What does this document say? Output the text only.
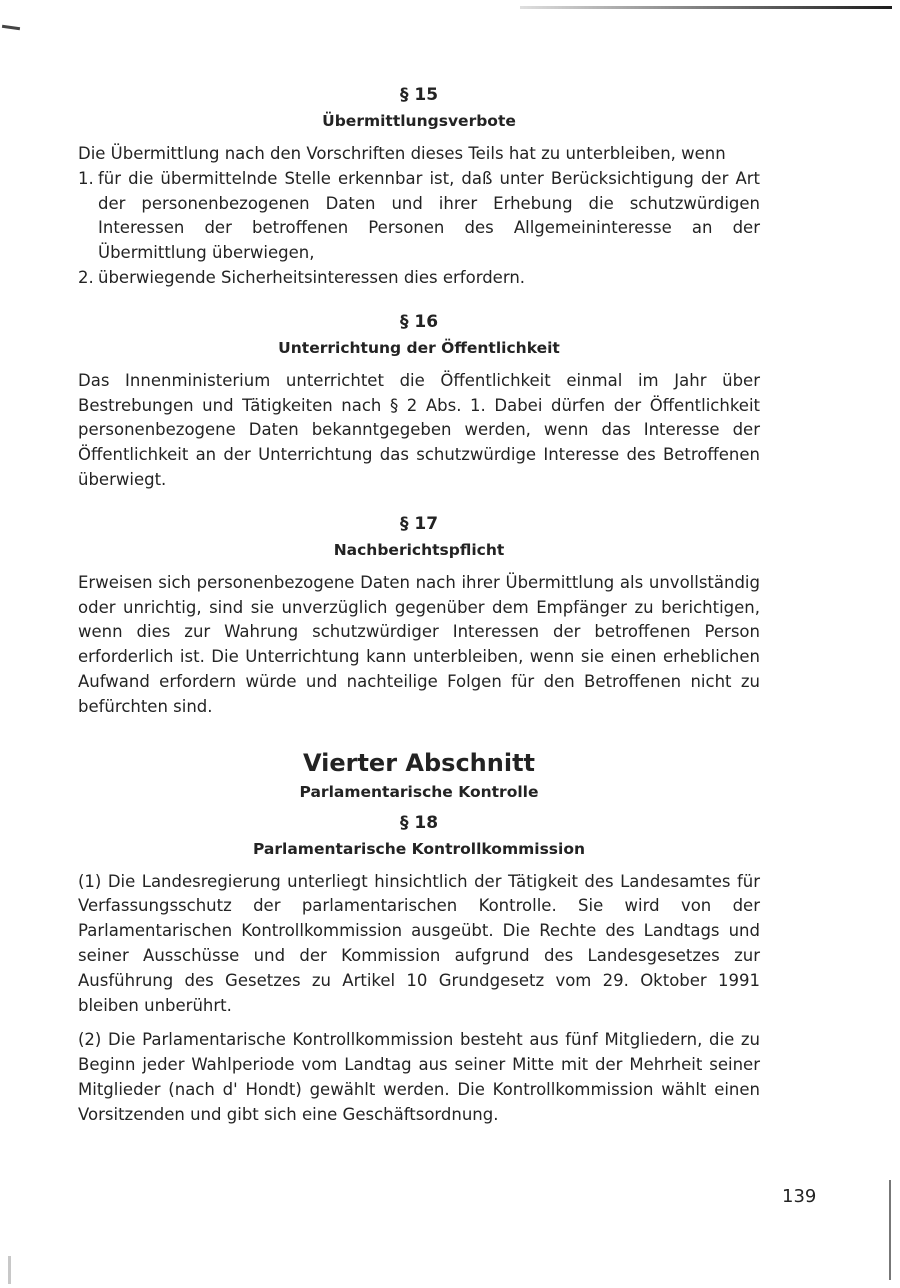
§ 15
Übermittlungsverbote

Die Übermittlung nach den Vorschriften dieses Teils hat zu unterbleiben, wenn

1. für die übermittelnde Stelle erkennbar ist, daß unter Berücksichtigung der Art der personenbezogenen Daten und ihrer Erhebung die schutzwürdigen Interessen der betroffenen Personen des Allgemeininteresse an der Übermittlung überwiegen,

2. überwiegende Sicherheitsinteressen dies erfordern.

§ 16
Unterrichtung der Öffentlichkeit

Das Innenministerium unterrichtet die Öffentlichkeit einmal im Jahr über Bestrebungen und Tätigkeiten nach § 2 Abs. 1. Dabei dürfen der Öffentlichkeit personenbezogene Daten bekanntgegeben werden, wenn das Interesse der Öffentlichkeit an der Unterrichtung das schutzwürdige Interesse des Betroffenen überwiegt.

§ 17
Nachberichtspflicht

Erweisen sich personenbezogene Daten nach ihrer Übermittlung als unvollständig oder unrichtig, sind sie unverzüglich gegenüber dem Empfänger zu berichtigen, wenn dies zur Wahrung schutzwürdiger Interessen der betroffenen Person erforderlich ist. Die Unterrichtung kann unterbleiben, wenn sie einen erheblichen Aufwand erfordern würde und nachteilige Folgen für den Betroffenen nicht zu befürchten sind.

Vierter Abschnitt
Parlamentarische Kontrolle
§ 18
Parlamentarische Kontrollkommission

(1) Die Landesregierung unterliegt hinsichtlich der Tätigkeit des Landesamtes für Verfassungsschutz der parlamentarischen Kontrolle. Sie wird von der Parlamentarischen Kontrollkommission ausgeübt. Die Rechte des Landtags und seiner Ausschüsse und der Kommission aufgrund des Landesgesetzes zur Ausführung des Gesetzes zu Artikel 10 Grundgesetz vom 29. Oktober 1991 bleiben unberührt.

(2) Die Parlamentarische Kontrollkommission besteht aus fünf Mitgliedern, die zu Beginn jeder Wahlperiode vom Landtag aus seiner Mitte mit der Mehrheit seiner Mitglieder (nach d' Hondt) gewählt werden. Die Kontrollkommission wählt einen Vorsitzenden und gibt sich eine Geschäftsordnung.

139
